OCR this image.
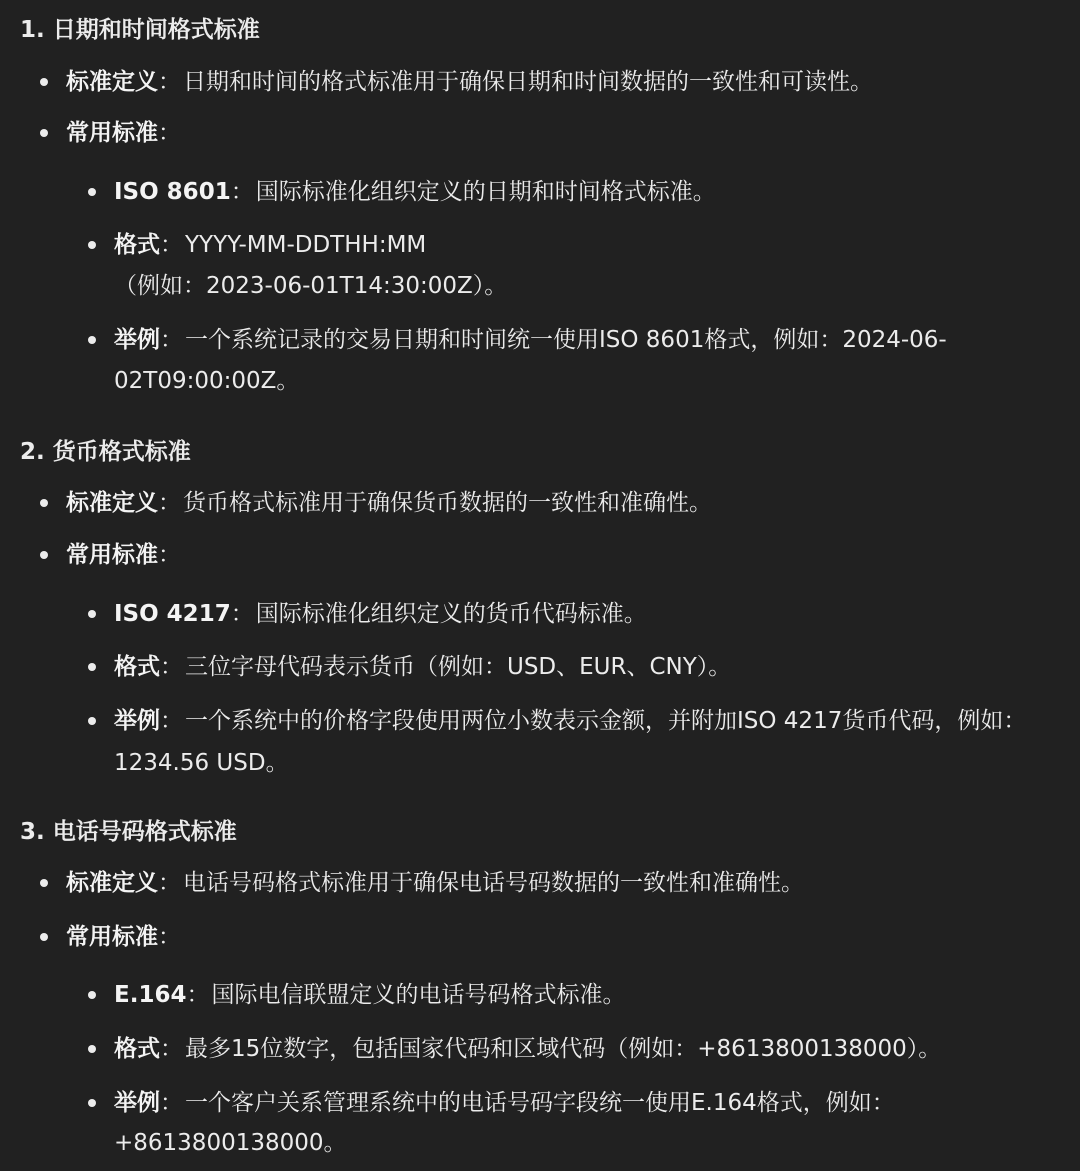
1. 日期和时间格式标准
标准定义：日期和时间的格式标准用于确保日期和时间数据的一致性和可读性。
常用标准：
ISO 8601：国际标准化组织定义的日期和时间格式标准。
格式：YYYY-MM-DDTHH:MM
（例如：2023-06-01T14:30:00Z）。
举例：一个系统记录的交易日期和时间统一使用ISO 8601格式，例如：2024-06-
02T09:00:00Z。
2. 货币格式标准
标准定义：货币格式标准用于确保货币数据的一致性和准确性。
常用标准：
ISO 4217：国际标准化组织定义的货币代码标准。
格式：三位字母代码表示货币（例如：USD、EUR、CNY）。
举例：一个系统中的价格字段使用两位小数表示金额，并附加ISO 4217货币代码，例如：
1234.56 USD。
3. 电话号码格式标准
标准定义：电话号码格式标准用于确保电话号码数据的一致性和准确性。
常用标准：
E.164：国际电信联盟定义的电话号码格式标准。
格式：最多15位数字，包括国家代码和区域代码（例如：+8613800138000）。
举例：一个客户关系管理系统中的电话号码字段统一使用E.164格式，例如：
+8613800138000。
